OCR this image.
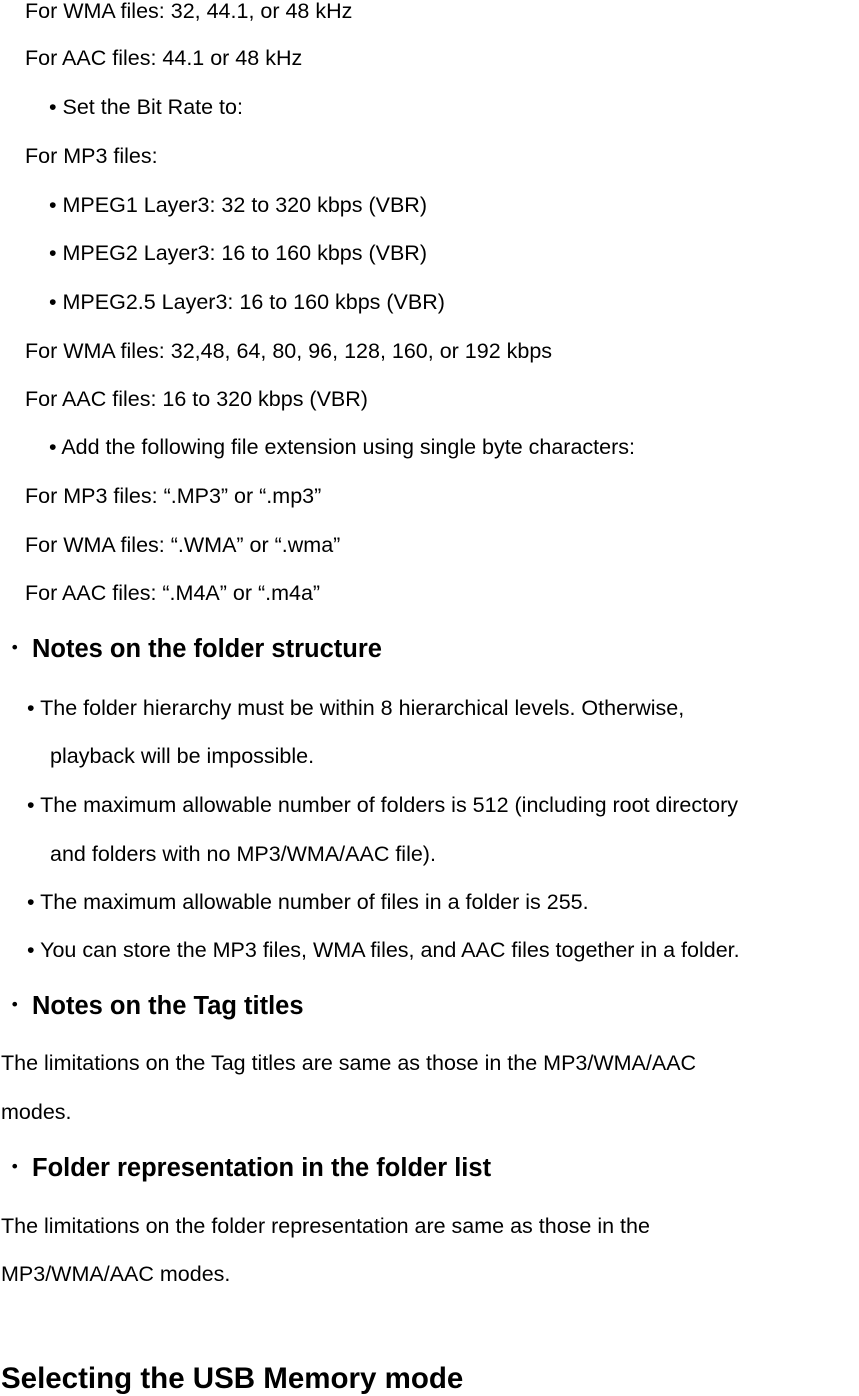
For WMA files: 32, 44.1, or 48 kHz

For AAC files: 44.1 or 48 kHz

• Set the Bit Rate to:

For MP3 files:

• MPEG1 Layer3: 32 to 320 kbps (VBR)

• MPEG2 Layer3: 16 to 160 kbps (VBR)

• MPEG2.5 Layer3: 16 to 160 kbps (VBR)

For WMA files: 32,48, 64, 80, 96, 128, 160, or 192 kbps

For AAC files: 16 to 320 kbps (VBR)

• Add the following file extension using single byte characters:

For MP3 files: “.MP3” or “.mp3”

For WMA files: “.WMA” or “.wma”

For AAC files: “.M4A” or “.m4a”

・ Notes on the folder structure

• The folder hierarchy must be within 8 hierarchical levels. Otherwise,

playback will be impossible.

• The maximum allowable number of folders is 512 (including root directory

and folders with no MP3/WMA/AAC file).

• The maximum allowable number of files in a folder is 255.

• You can store the MP3 files, WMA files, and AAC files together in a folder.

・ Notes on the Tag titles

The limitations on the Tag titles are same as those in the MP3/WMA/AAC

modes.

・ Folder representation in the folder list

The limitations on the folder representation are same as those in the

MP3/WMA/AAC modes.

Selecting the USB Memory mode
